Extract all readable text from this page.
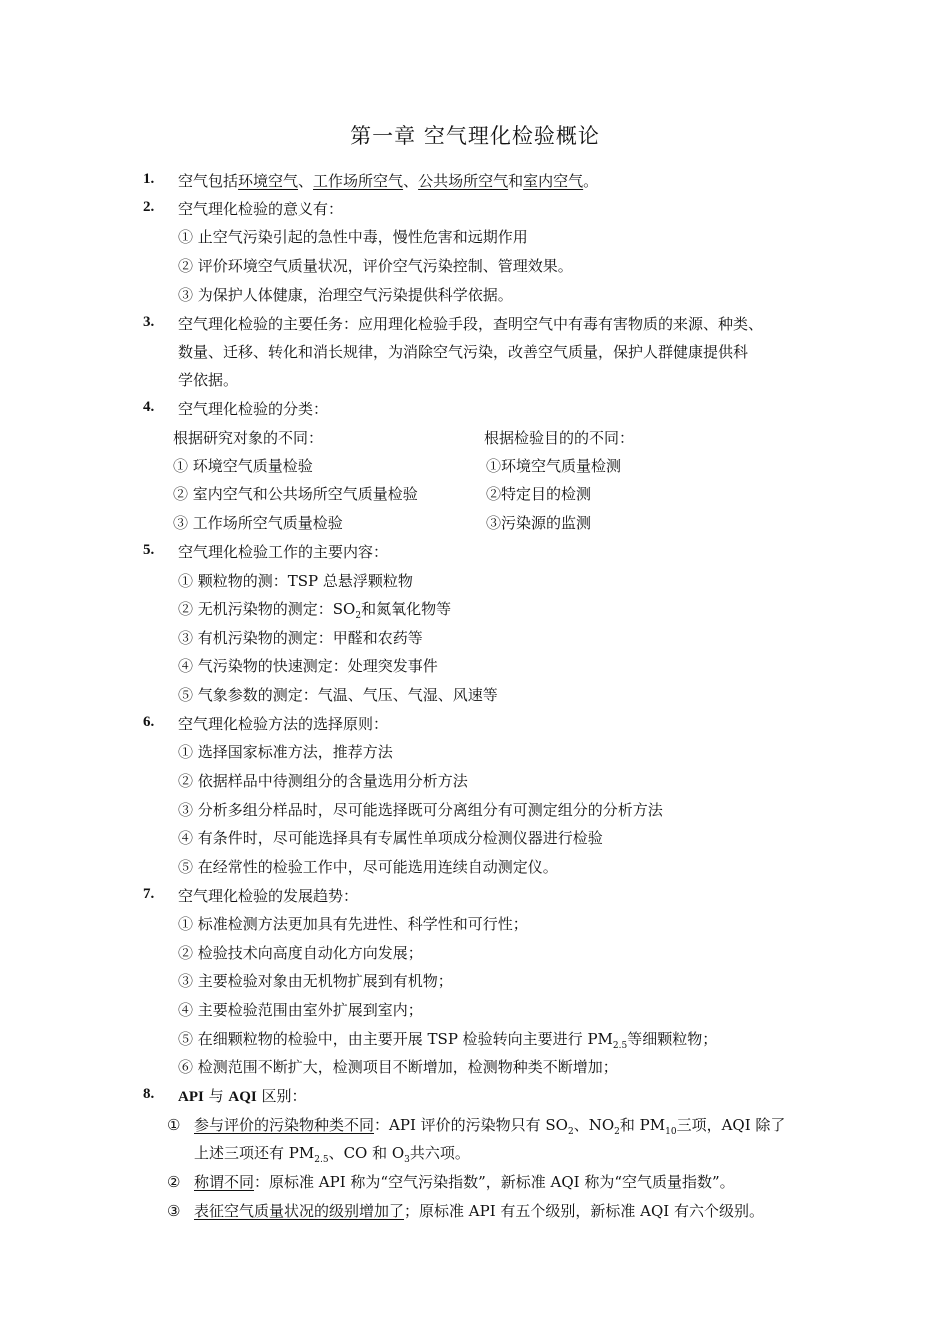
第一章 空气理化检验概论
1. 空气包括环境空气、工作场所空气、公共场所空气和室内空气。
2. 空气理化检验的意义有：
① 止空气污染引起的急性中毒，慢性危害和远期作用
② 评价环境空气质量状况，评价空气污染控制、管理效果。
③ 为保护人体健康，治理空气污染提供科学依据。
3. 空气理化检验的主要任务：应用理化检验手段，查明空气中有毒有害物质的来源、种类、
数量、迁移、转化和消长规律，为消除空气污染，改善空气质量，保护人群健康提供科
学依据。
4. 空气理化检验的分类：
根据研究对象的不同：	根据检验目的的不同：
① 环境空气质量检验	①环境空气质量检测
② 室内空气和公共场所空气质量检验	②特定目的检测
③ 工作场所空气质量检验	③污染源的监测
5. 空气理化检验工作的主要内容：
① 颗粒物的测：TSP 总悬浮颗粒物
② 无机污染物的测定：$SO_2$和氮氧化物等
③ 有机污染物的测定：甲醛和农药等
④ 气污染物的快速测定：处理突发事件
⑤ 气象参数的测定：气温、气压、气湿、风速等
6. 空气理化检验方法的选择原则：
① 选择国家标准方法，推荐方法
② 依据样品中待测组分的含量选用分析方法
③ 分析多组分样品时，尽可能选择既可分离组分有可测定组分的分析方法
④ 有条件时，尽可能选择具有专属性单项成分检测仪器进行检验
⑤ 在经常性的检验工作中，尽可能选用连续自动测定仪。
7. 空气理化检验的发展趋势：
① 标准检测方法更加具有先进性、科学性和可行性；
② 检验技术向高度自动化方向发展；
③ 主要检验对象由无机物扩展到有机物；
④ 主要检验范围由室外扩展到室内；
⑤ 在细颗粒物的检验中，由主要开展 TSP 检验转向主要进行 $PM_{2.5}$等细颗粒物；
⑥ 检测范围不断扩大，检测项目不断增加，检测物种类不断增加；
8. API 与 AQI 区别：
① 参与评价的污染物种类不同：API 评价的污染物只有 $SO_2$、$NO_2$和 $PM_{10}$三项，AQI 除了
上述三项还有 $PM_{2.5}$、CO 和 $O_3$共六项。
② 称谓不同：原标准 API 称为“空气污染指数”，新标准 AQI 称为“空气质量指数”。
③ 表征空气质量状况的级别增加了；原标准 API 有五个级别，新标准 AQI 有六个级别。
